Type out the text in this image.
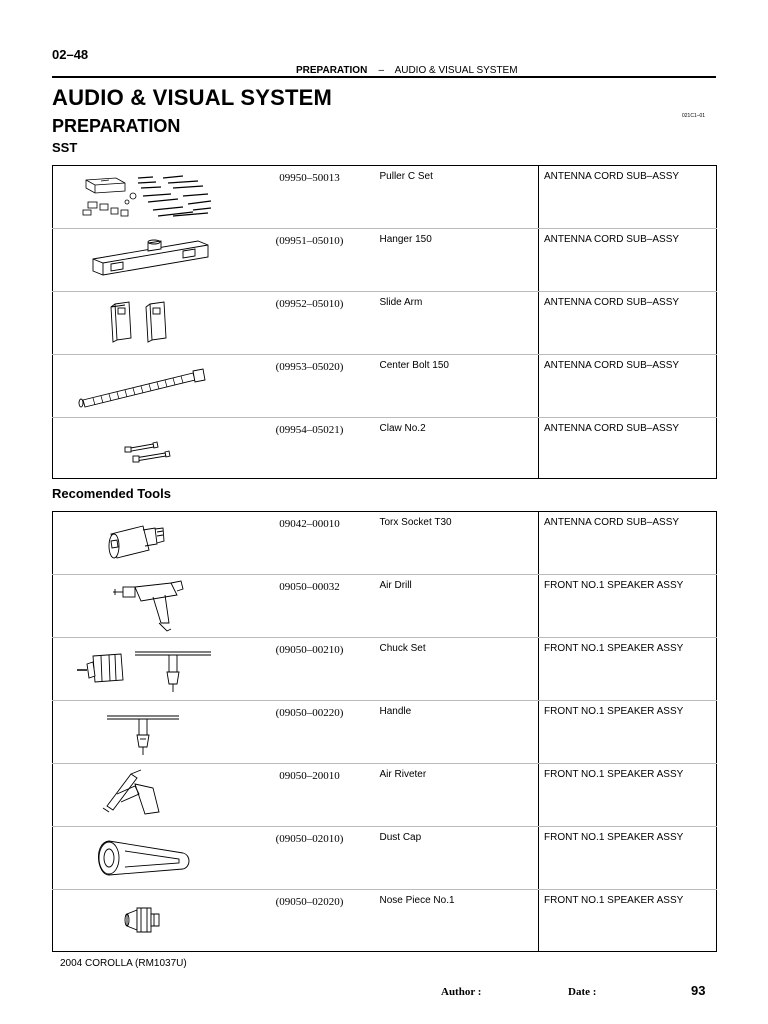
02–48
PREPARATION – AUDIO & VISUAL SYSTEM
AUDIO & VISUAL SYSTEM
PREPARATION	021C1–01
SST
	09950–50013	Puller C Set	ANTENNA CORD SUB–ASSY

	(09951–05010)	Hanger 150	ANTENNA CORD SUB–ASSY

	(09952–05010)	Slide Arm	ANTENNA CORD SUB–ASSY

	(09953–05020)	Center Bolt 150	ANTENNA CORD SUB–ASSY

	(09954–05021)	Claw No.2	ANTENNA CORD SUB–ASSY
Recomended Tools
	09042–00010	Torx Socket T30	ANTENNA CORD SUB–ASSY

	09050–00032	Air Drill	FRONT NO.1 SPEAKER ASSY

	(09050–00210)	Chuck Set	FRONT NO.1 SPEAKER ASSY

	(09050–00220)	Handle	FRONT NO.1 SPEAKER ASSY

	09050–20010	Air Riveter	FRONT NO.1 SPEAKER ASSY

	(09050–02010)	Dust Cap	FRONT NO.1 SPEAKER ASSY

	(09050–02020)	Nose Piece No.1	FRONT NO.1 SPEAKER ASSY
2004 COROLLA (RM1037U)
Author :	Date :	93
